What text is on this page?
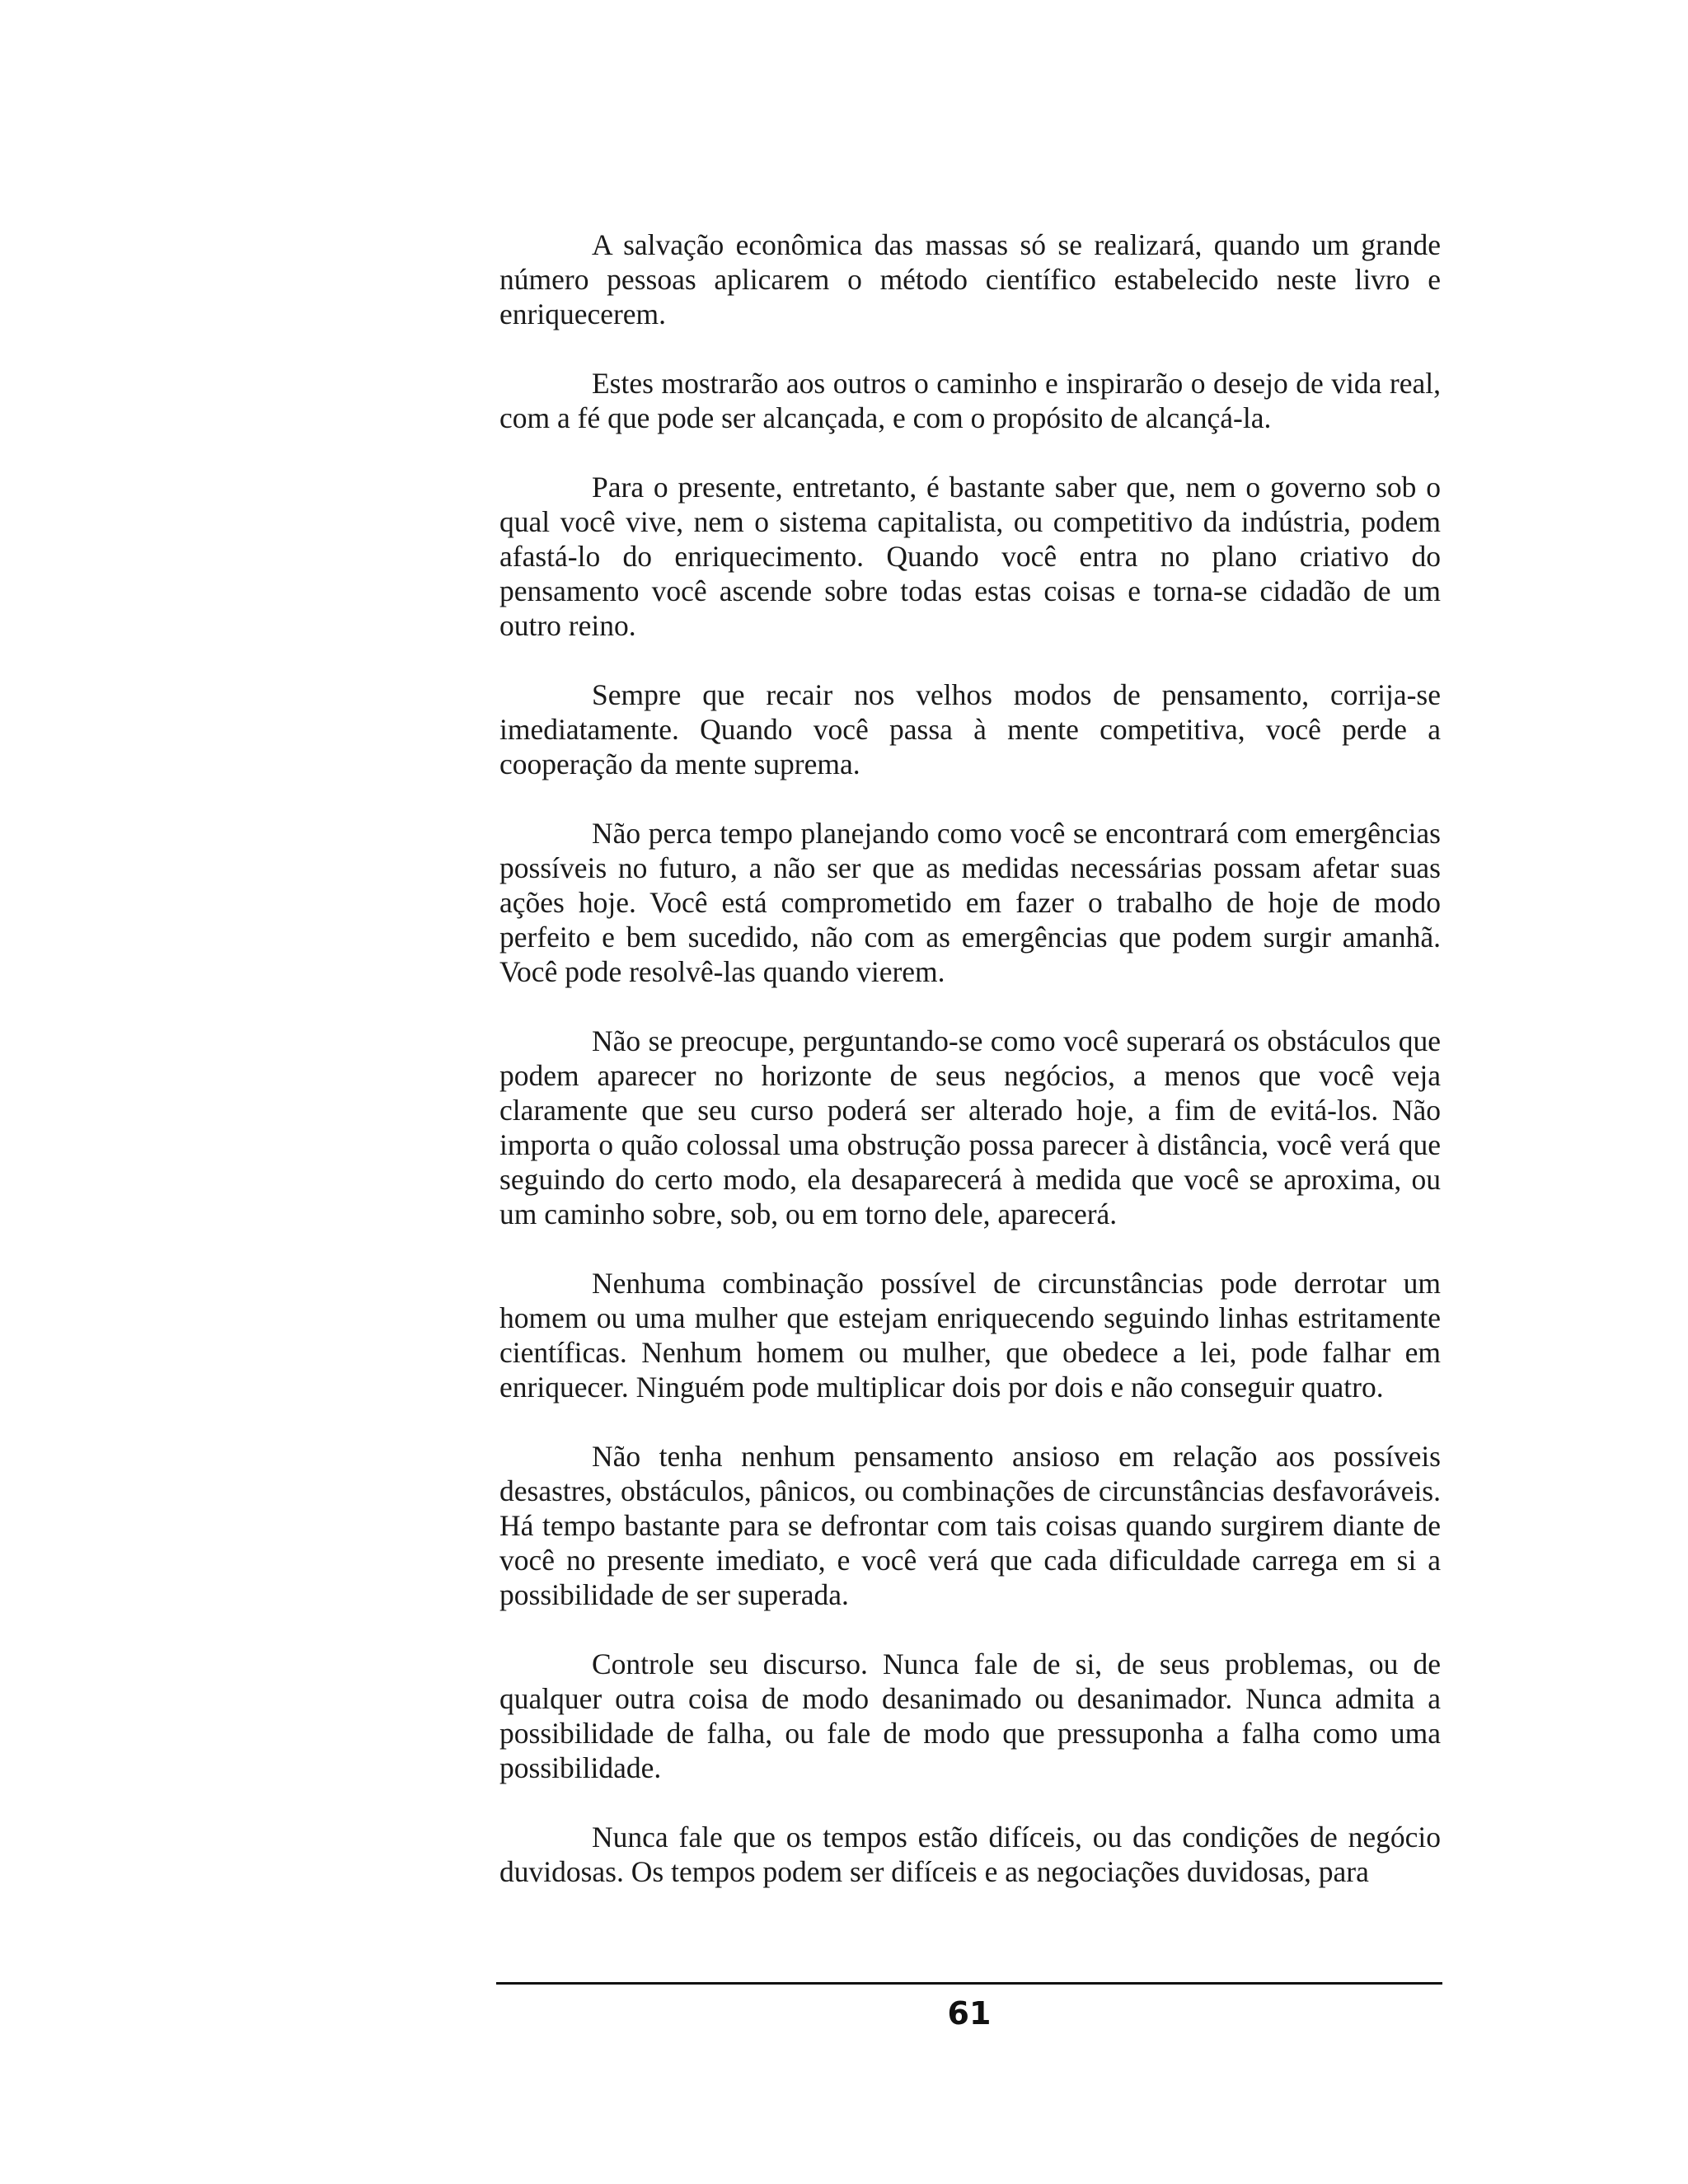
A salvação econômica das massas só se realizará, quando um grande número pessoas aplicarem o método científico estabelecido neste livro e enriquecerem.

Estes mostrarão aos outros o caminho e inspirarão o desejo de vida real, com a fé que pode ser alcançada, e com o propósito de alcançá-la.

Para o presente, entretanto, é bastante saber que, nem o governo sob o qual você vive, nem o sistema capitalista, ou competitivo da indústria, podem afastá-lo do enriquecimento. Quando você entra no plano criativo do pensamento você ascende sobre todas estas coisas e torna-se cidadão de um outro reino.

Sempre que recair nos velhos modos de pensamento, corrija-se imediatamente. Quando você passa à mente competitiva, você perde a cooperação da mente suprema.

Não perca tempo planejando como você se encontrará com emergências possíveis no futuro, a não ser que as medidas necessárias possam afetar suas ações hoje. Você está comprometido em fazer o trabalho de hoje de modo perfeito e bem sucedido, não com as emergências que podem surgir amanhã. Você pode resolvê-las quando vierem.

Não se preocupe, perguntando-se como você superará os obstáculos que podem aparecer no horizonte de seus negócios, a menos que você veja claramente que seu curso poderá ser alterado hoje, a fim de evitá-los. Não importa o quão colossal uma obstrução possa parecer à distância, você verá que seguindo do certo modo, ela desaparecerá à medida que você se aproxima, ou um caminho sobre, sob, ou em torno dele, aparecerá.

Nenhuma combinação possível de circunstâncias pode derrotar um homem ou uma mulher que estejam enriquecendo seguindo linhas estritamente científicas. Nenhum homem ou mulher, que obedece a lei, pode falhar em enriquecer. Ninguém pode multiplicar dois por dois e não conseguir quatro.

Não tenha nenhum pensamento ansioso em relação aos possíveis desastres, obstáculos, pânicos, ou combinações de circunstâncias desfavoráveis. Há tempo bastante para se defrontar com tais coisas quando surgirem diante de você no presente imediato, e você verá que cada dificuldade carrega em si a possibilidade de ser superada.

Controle seu discurso. Nunca fale de si, de seus problemas, ou de qualquer outra coisa de modo desanimado ou desanimador. Nunca admita a possibilidade de falha, ou fale de modo que pressuponha a falha como uma possibilidade.

Nunca fale que os tempos estão difíceis, ou das condições de negócio duvidosas. Os tempos podem ser difíceis e as negociações duvidosas, para

61
